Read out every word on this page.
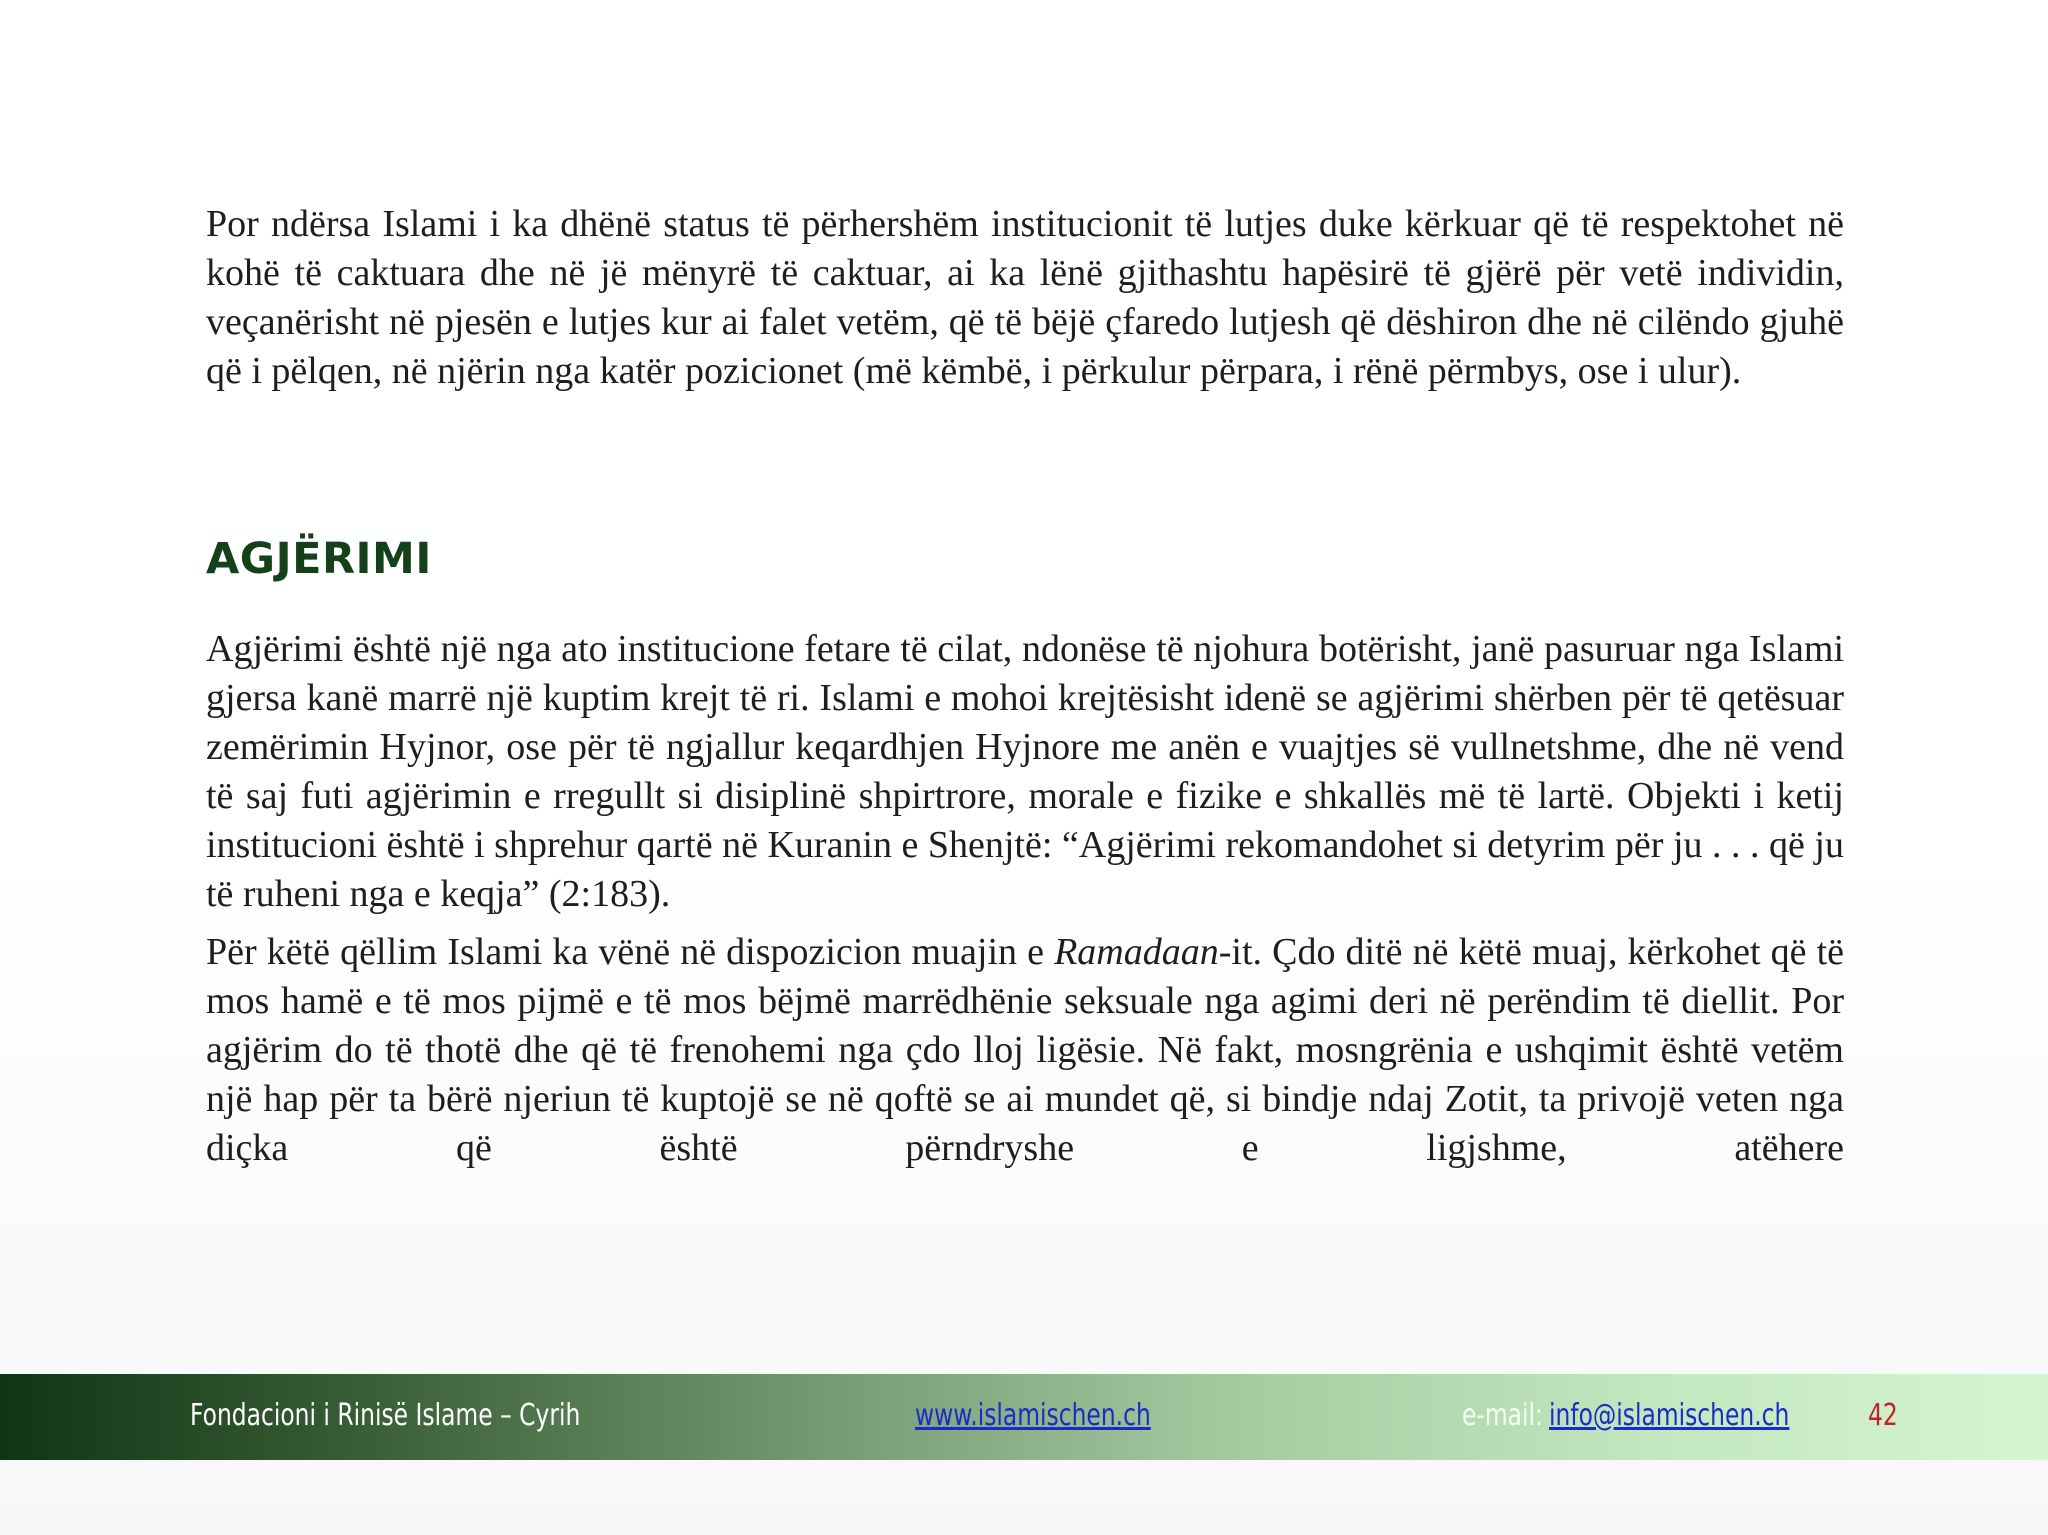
Por ndërsa Islami i ka dhënë status të përhershëm institucionit të lutjes duke kërkuar që të respektohet në kohë të caktuara dhe në jë mënyrë të caktuar, ai ka lënë gjithashtu hapësirë të gjërë për vetë individin, veçanërisht në pjesën e lutjes kur ai falet vetëm, që të bëjë çfaredo lutjesh që dëshiron dhe në cilëndo gjuhë që i pëlqen, në njërin nga katër pozicionet (më këmbë, i përkulur përpara, i rënë përmbys, ose i ulur).

AGJËRIMI

Agjërimi është një nga ato institucione fetare të cilat, ndonëse të njohura botërisht, janë pasuruar nga Islami gjersa kanë marrë një kuptim krejt të ri. Islami e mohoi krejtësisht idenë se agjërimi shërben për të qetësuar zemërimin Hyjnor, ose për të ngjallur keqardhjen Hyjnore me anën e vuajtjes së vullnetshme, dhe në vend të saj futi agjërimin e rregullt si disiplinë shpirtrore, morale e fizike e shkallës më të lartë. Objekti i ketij institucioni është i shprehur qartë në Kuranin e Shenjtë: “Agjërimi rekomandohet si detyrim për ju . . . që ju të ruheni nga e keqja” (2:183).

Për këtë qëllim Islami ka vënë në dispozicion muajin e Ramadaan-it. Çdo ditë në këtë muaj, kërkohet që të mos hamë e të mos pijmë e të mos bëjmë marrëdhënie seksuale nga agimi deri në perëndim të diellit. Por agjërim do të thotë dhe që të frenohemi nga çdo lloj ligësie. Në fakt, mosngrënia e ushqimit është vetëm një hap për ta bërë njeriun të kuptojë se në qoftë se ai mundet që, si bindje ndaj Zotit, ta privojë veten nga diçka që është përndryshe e ligjshme, atëhere

Fondacioni i Rinisë Islame – Cyrih	www.islamischen.ch	e-mail: info@islamischen.ch	42
